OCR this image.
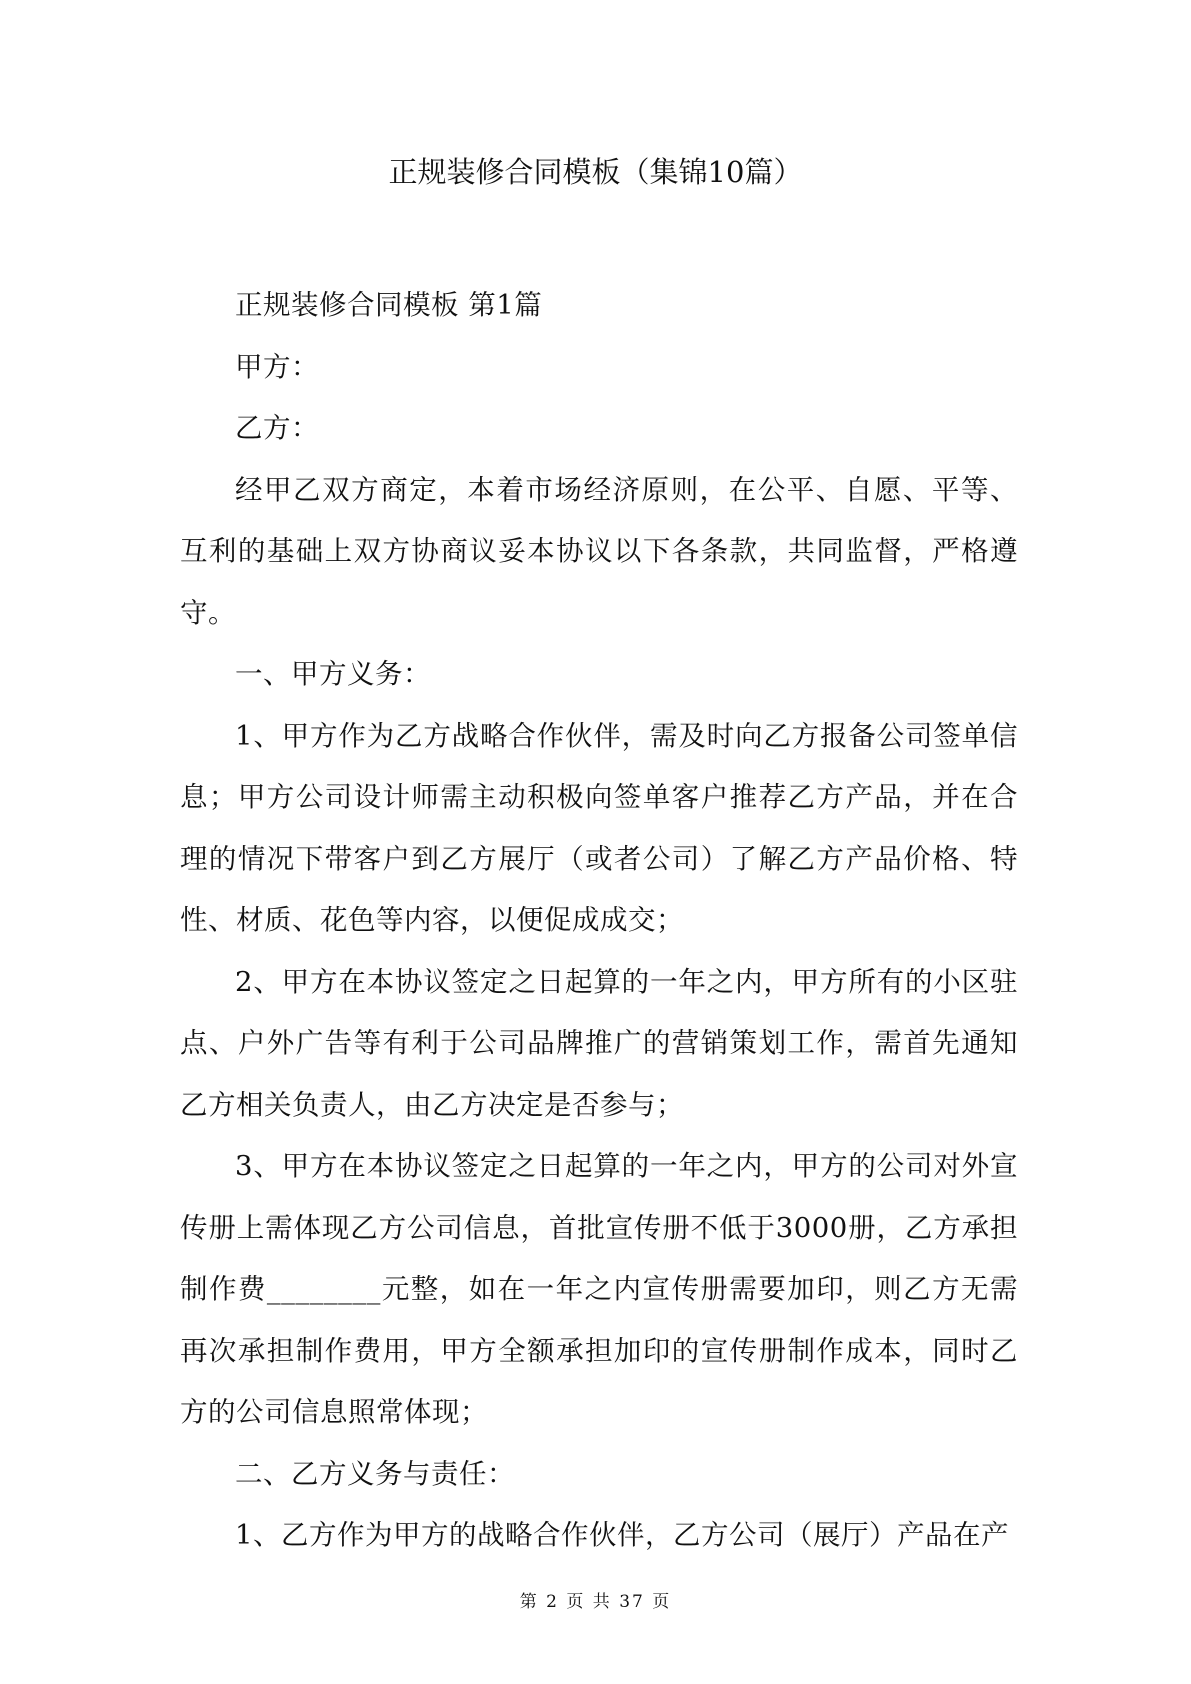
正规装修合同模板（集锦10篇）

正规装修合同模板 第1篇

甲方：

乙方：

经甲乙双方商定，本着市场经济原则，在公平、自愿、平等、互利的基础上双方协商议妥本协议以下各条款，共同监督，严格遵守。

一、甲方义务：

1、甲方作为乙方战略合作伙伴，需及时向乙方报备公司签单信息；甲方公司设计师需主动积极向签单客户推荐乙方产品，并在合理的情况下带客户到乙方展厅（或者公司）了解乙方产品价格、特性、材质、花色等内容，以便促成成交；

2、甲方在本协议签定之日起算的一年之内，甲方所有的小区驻点、户外广告等有利于公司品牌推广的营销策划工作，需首先通知乙方相关负责人，由乙方决定是否参与；

3、甲方在本协议签定之日起算的一年之内，甲方的公司对外宣传册上需体现乙方公司信息，首批宣传册不低于3000册，乙方承担制作费________元整，如在一年之内宣传册需要加印，则乙方无需再次承担制作费用，甲方全额承担加印的宣传册制作成本，同时乙方的公司信息照常体现；

二、乙方义务与责任：

1、乙方作为甲方的战略合作伙伴，乙方公司（展厅）产品在产

第 2 页 共 37 页
